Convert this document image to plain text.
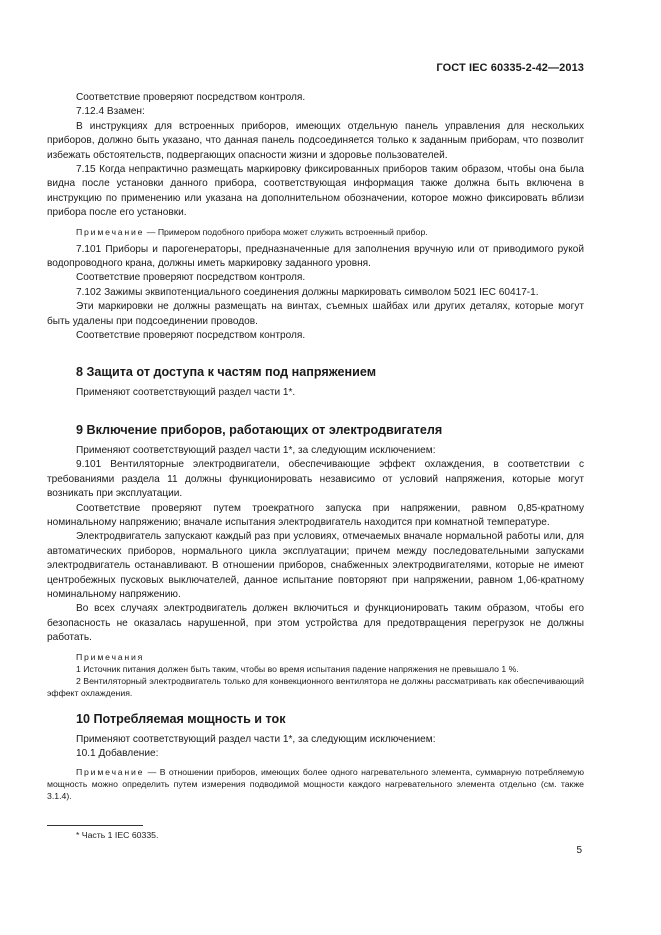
ГОСТ IEC 60335-2-42—2013

Соответствие проверяют посредством контроля.

7.12.4 Взамен:

В инструкциях для встроенных приборов, имеющих отдельную панель управления для нескольких приборов, должно быть указано, что данная панель подсоединяется только к заданным приборам, что позволит избежать обстоятельств, подвергающих опасности жизни и здоровье пользователей.

7.15 Когда непрактично размещать маркировку фиксированных приборов таким образом, чтобы она была видна после установки данного прибора, соответствующая информация также должна быть включена в инструкцию по применению или указана на дополнительном обозначении, которое можно фиксировать вблизи прибора после его установки.

Примечание — Примером подобного прибора может служить встроенный прибор.

7.101 Приборы и парогенераторы, предназначенные для заполнения вручную или от приводимого рукой водопроводного крана, должны иметь маркировку заданного уровня.

Соответствие проверяют посредством контроля.

7.102 Зажимы эквипотенциального соединения должны маркировать символом 5021 IEC 60417-1.

Эти маркировки не должны размещать на винтах, съемных шайбах или других деталях, которые могут быть удалены при подсоединении проводов.

Соответствие проверяют посредством контроля.

8 Защита от доступа к частям под напряжением

Применяют соответствующий раздел части 1*.

9 Включение приборов, работающих от электродвигателя

Применяют соответствующий раздел части 1*, за следующим исключением:

9.101 Вентиляторные электродвигатели, обеспечивающие эффект охлаждения, в соответствии с требованиями раздела 11 должны функционировать независимо от условий напряжения, которые могут возникать при эксплуатации.

Соответствие проверяют путем троекратного запуска при напряжении, равном 0,85-кратному номинальному напряжению; вначале испытания электродвигатель находится при комнатной температуре.

Электродвигатель запускают каждый раз при условиях, отмечаемых вначале нормальной работы или, для автоматических приборов, нормального цикла эксплуатации; причем между последовательными запусками электродвигатель останавливают. В отношении приборов, снабженных электродвигателями, которые не имеют центробежных пусковых выключателей, данное испытание повторяют при напряжении, равном 1,06-кратному номинальному напряжению.

Во всех случаях электродвигатель должен включиться и функционировать таким образом, чтобы его безопасность не оказалась нарушенной, при этом устройства для предотвращения перегрузок не должны работать.

Примечания

1 Источник питания должен быть таким, чтобы во время испытания падение напряжения не превышало 1 %.

2 Вентиляторный электродвигатель только для конвекционного вентилятора не должны рассматривать как обеспечивающий эффект охлаждения.

10 Потребляемая мощность и ток

Применяют соответствующий раздел части 1*, за следующим исключением:

10.1 Добавление:

Примечание — В отношении приборов, имеющих более одного нагревательного элемента, суммарную потребляемую мощность можно определить путем измерения подводимой мощности каждого нагревательного элемента отдельно (см. также 3.1.4).

* Часть 1 IEC 60335.
5
